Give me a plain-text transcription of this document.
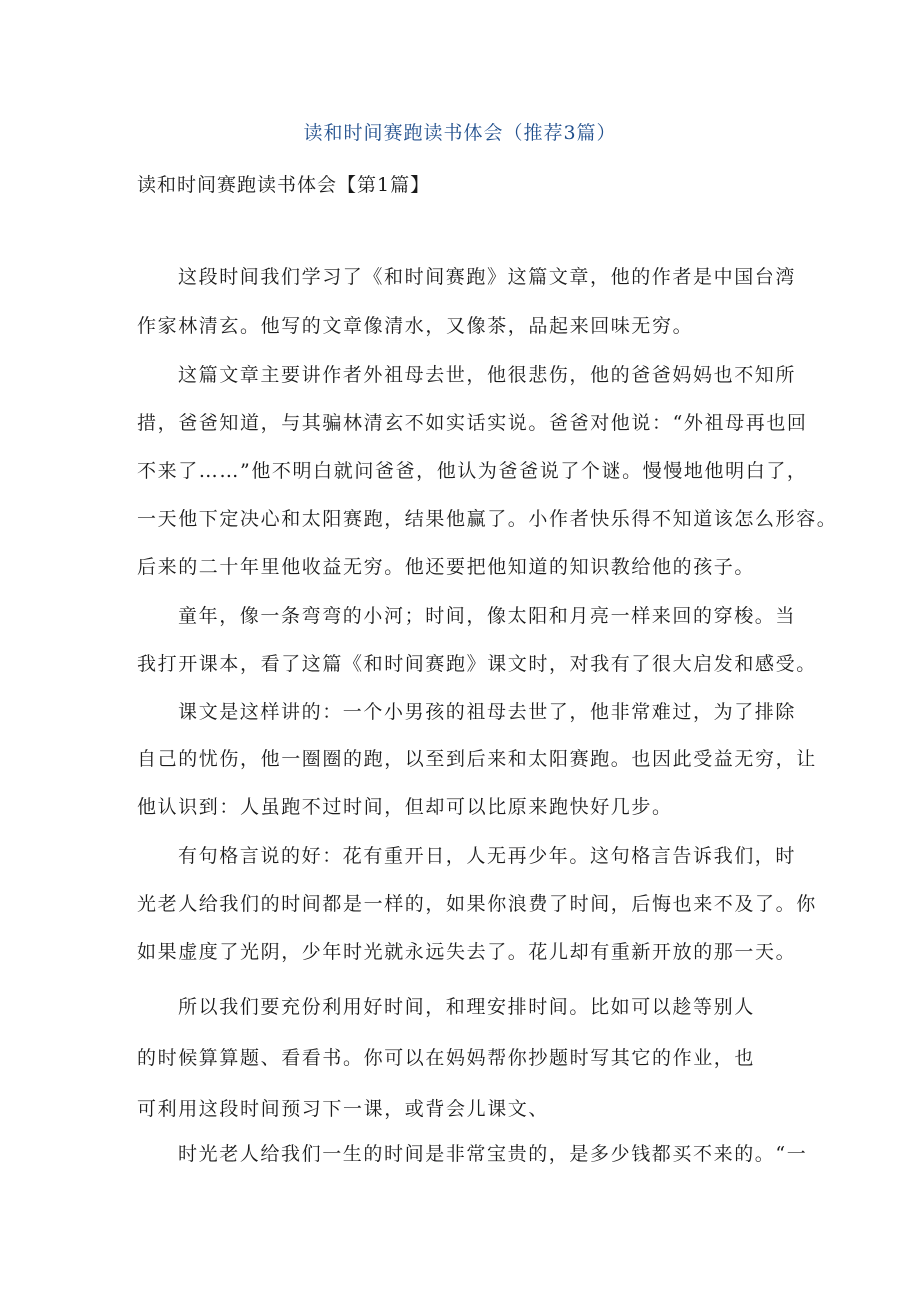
读和时间赛跑读书体会（推荐3篇）
读和时间赛跑读书体会【第1篇】
这段时间我们学习了《和时间赛跑》这篇文章，他的作者是中国台湾
作家林清玄。他写的文章像清水，又像茶，品起来回味无穷。
这篇文章主要讲作者外祖母去世，他很悲伤，他的爸爸妈妈也不知所
措，爸爸知道，与其骗林清玄不如实话实说。爸爸对他说：“外祖母再也回
不来了……”他不明白就问爸爸，他认为爸爸说了个谜。慢慢地他明白了，
一天他下定决心和太阳赛跑，结果他赢了。小作者快乐得不知道该怎么形容。
后来的二十年里他收益无穷。他还要把他知道的知识教给他的孩子。
童年，像一条弯弯的小河；时间，像太阳和月亮一样来回的穿梭。当
我打开课本，看了这篇《和时间赛跑》课文时，对我有了很大启发和感受。
课文是这样讲的：一个小男孩的祖母去世了，他非常难过，为了排除
自己的忧伤，他一圈圈的跑，以至到后来和太阳赛跑。也因此受益无穷，让
他认识到：人虽跑不过时间，但却可以比原来跑快好几步。
有句格言说的好：花有重开日，人无再少年。这句格言告诉我们，时
光老人给我们的时间都是一样的，如果你浪费了时间，后悔也来不及了。你
如果虚度了光阴，少年时光就永远失去了。花儿却有重新开放的那一天。
所以我们要充份利用好时间，和理安排时间。比如可以趁等别人
的时候算算题、看看书。你可以在妈妈帮你抄题时写其它的作业，也
可利用这段时间预习下一课，或背会儿课文、
时光老人给我们一生的时间是非常宝贵的，是多少钱都买不来的。“一
